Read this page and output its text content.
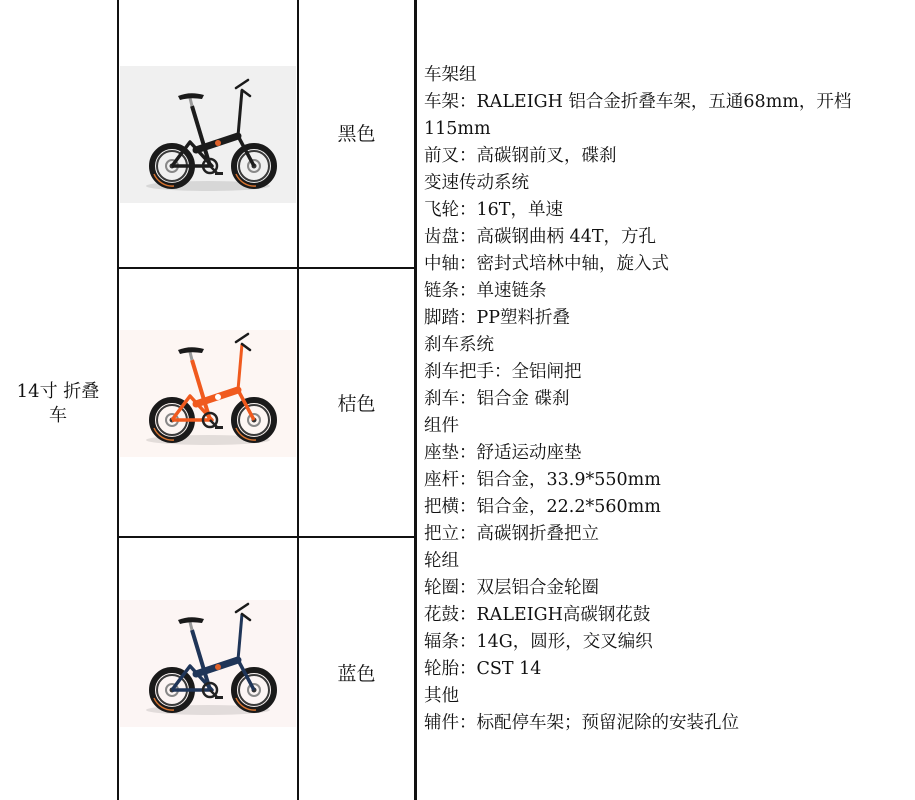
14寸 折叠
车
黑色
桔色
蓝色
车架组
车架：RALEIGH 铝合金折叠车架，五通68mm，开档
115mm
前叉：高碳钢前叉，碟刹
变速传动系统
飞轮：16T，单速
齿盘：高碳钢曲柄 44T，方孔
中轴：密封式培林中轴，旋入式
链条：单速链条
脚踏：PP塑料折叠
刹车系统
刹车把手：全铝闸把
刹车：铝合金 碟刹
组件
座垫：舒适运动座垫
座杆：铝合金，33.9*550mm
把横：铝合金，22.2*560mm
把立：高碳钢折叠把立
轮组
轮圈：双层铝合金轮圈
花鼓：RALEIGH高碳钢花鼓
辐条：14G，圆形，交叉编织
轮胎：CST 14
其他
辅件：标配停车架；预留泥除的安装孔位
